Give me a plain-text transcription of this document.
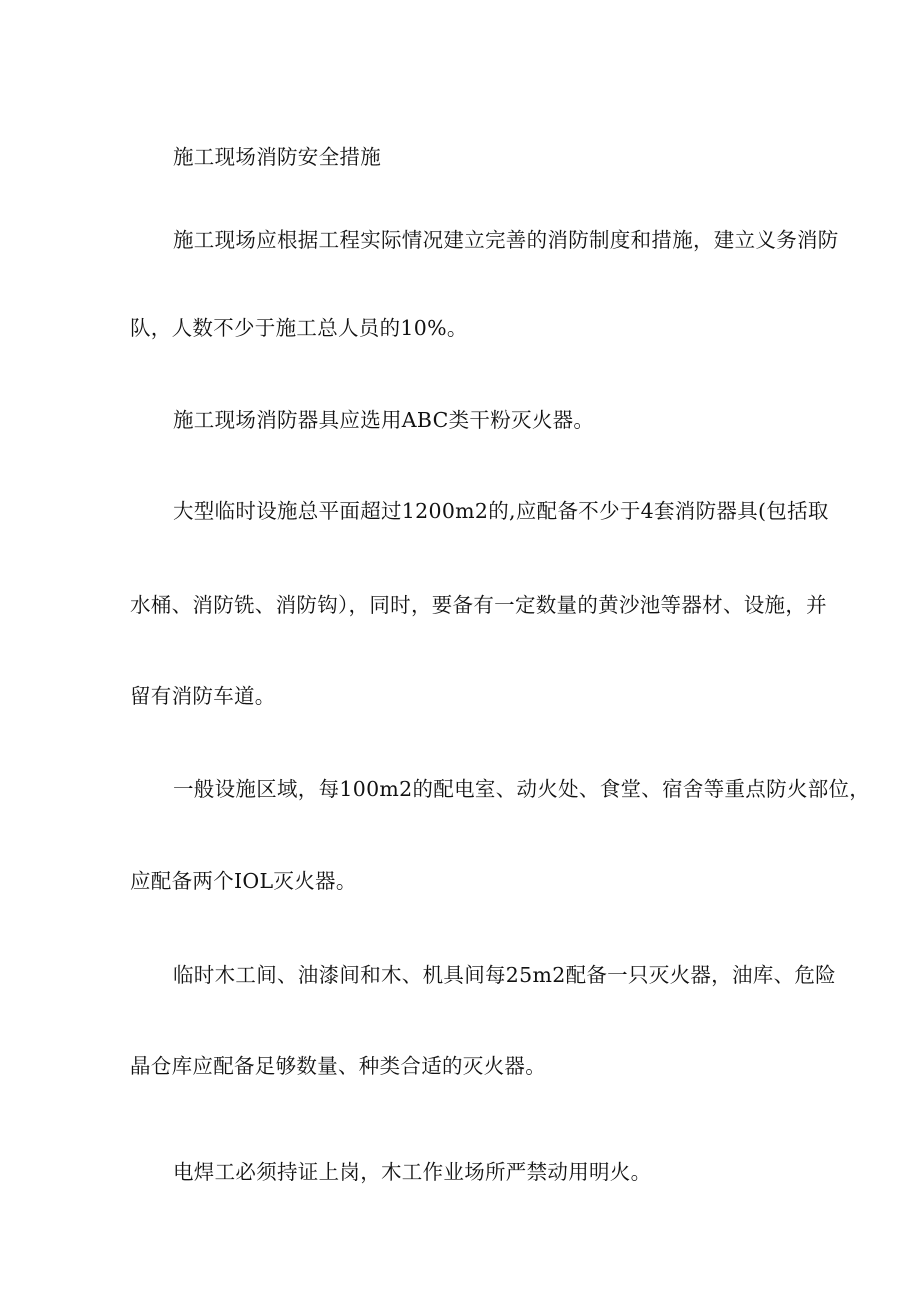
施工现场消防安全措施
施工现场应根据工程实际情况建立完善的消防制度和措施，建立义务消防
队，人数不少于施工总人员的10%。
施工现场消防器具应选用ABC类干粉灭火器。
大型临时设施总平面超过1200m2的,应配备不少于4套消防器具(包括取
水桶、消防铣、消防钩），同时，要备有一定数量的黄沙池等器材、设施，并
留有消防车道。
一般设施区域，每100m2的配电室、动火处、食堂、宿舍等重点防火部位，
应配备两个IOL灭火器。
临时木工间、油漆间和木、机具间每25m2配备一只灭火器，油库、危险
晶仓库应配备足够数量、种类合适的灭火器。
电焊工必须持证上岗，木工作业场所严禁动用明火。
